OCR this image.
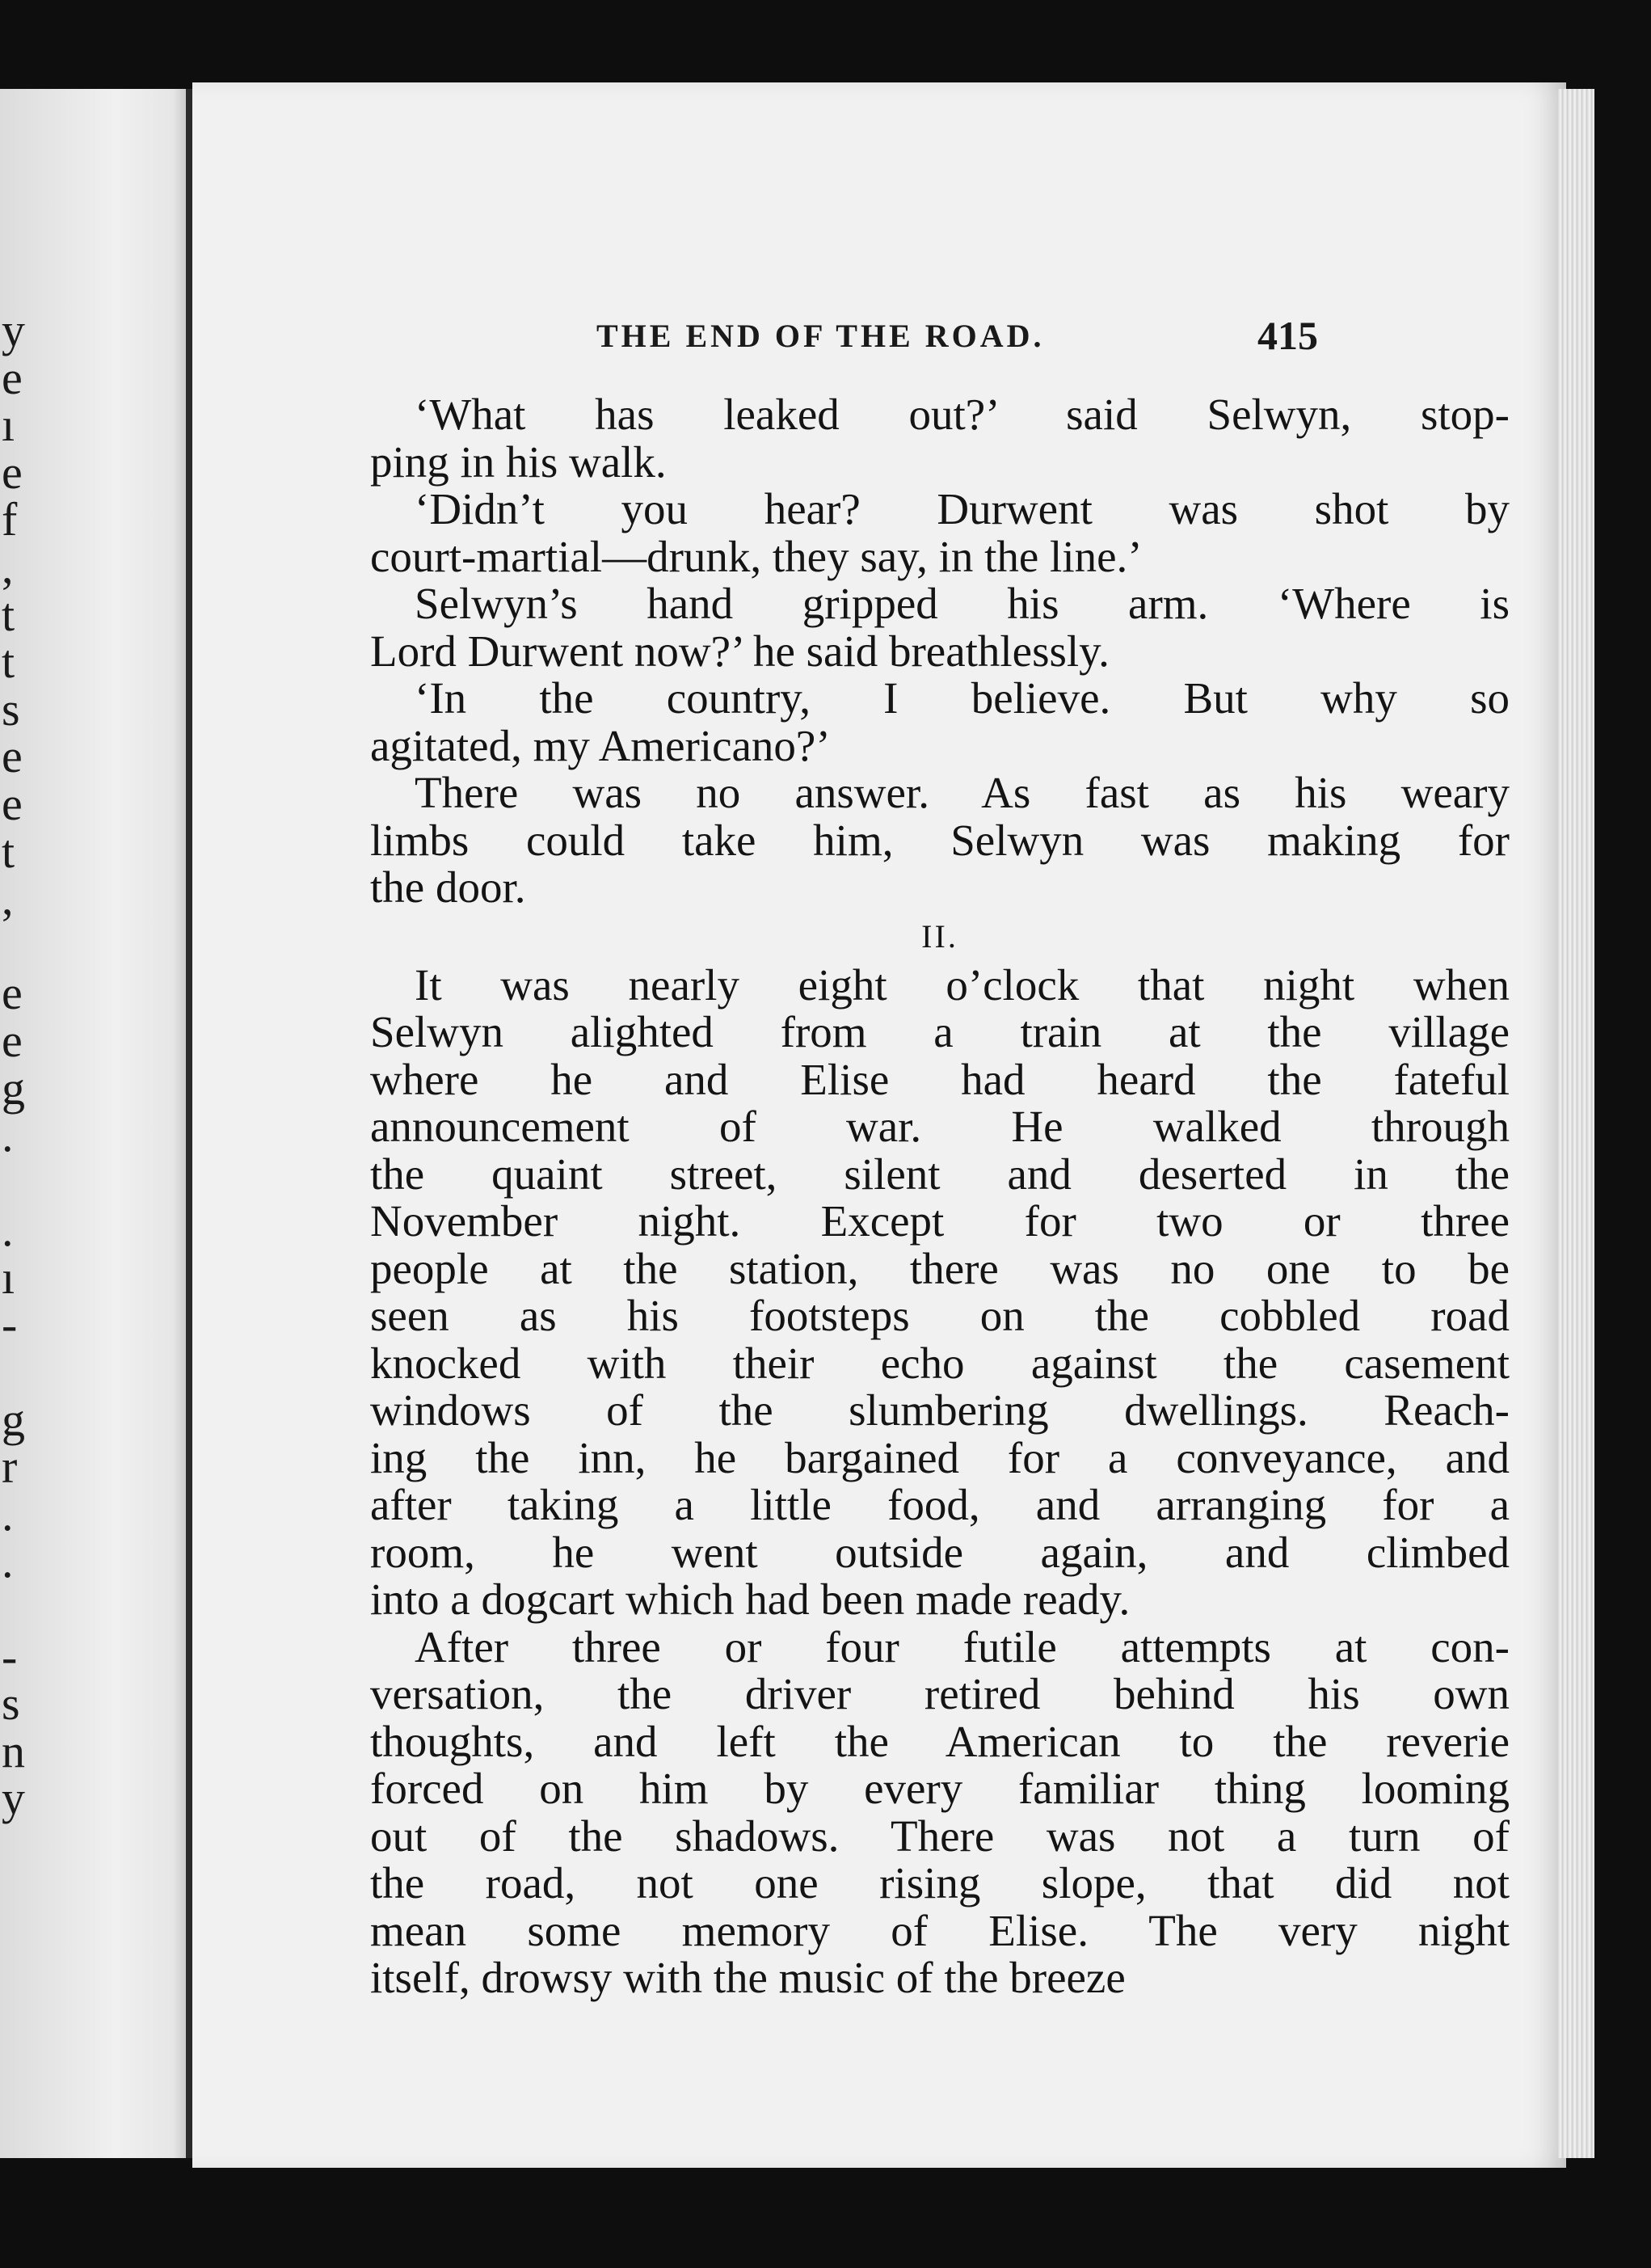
y
e
ı
e
f
,
t
t
s
e
e
t
,

e
e
g
.

.
ı
-

g
r
.
.

-
s
n
y
THE END OF THE ROAD.	415
‘What has leaked out?’ said Selwyn, stop-
ping in his walk.
‘Didn’t you hear? Durwent was shot by
court-martial—drunk, they say, in the line.’
Selwyn’s hand gripped his arm. ‘Where is
Lord Durwent now?’ he said breathlessly.
‘In the country, I believe. But why so
agitated, my Americano?’
There was no answer. As fast as his weary
limbs could take him, Selwyn was making for
the door.
II.
It was nearly eight o’clock that night when
Selwyn alighted from a train at the village
where he and Elise had heard the fateful
announcement of war. He walked through
the quaint street, silent and deserted in the
November night. Except for two or three
people at the station, there was no one to be
seen as his footsteps on the cobbled road
knocked with their echo against the casement
windows of the slumbering dwellings. Reach-
ing the inn, he bargained for a conveyance, and
after taking a little food, and arranging for a
room, he went outside again, and climbed
into a dogcart which had been made ready.
After three or four futile attempts at con-
versation, the driver retired behind his own
thoughts, and left the American to the reverie
forced on him by every familiar thing looming
out of the shadows. There was not a turn of
the road, not one rising slope, that did not
mean some memory of Elise. The very night
itself, drowsy with the music of the breeze
